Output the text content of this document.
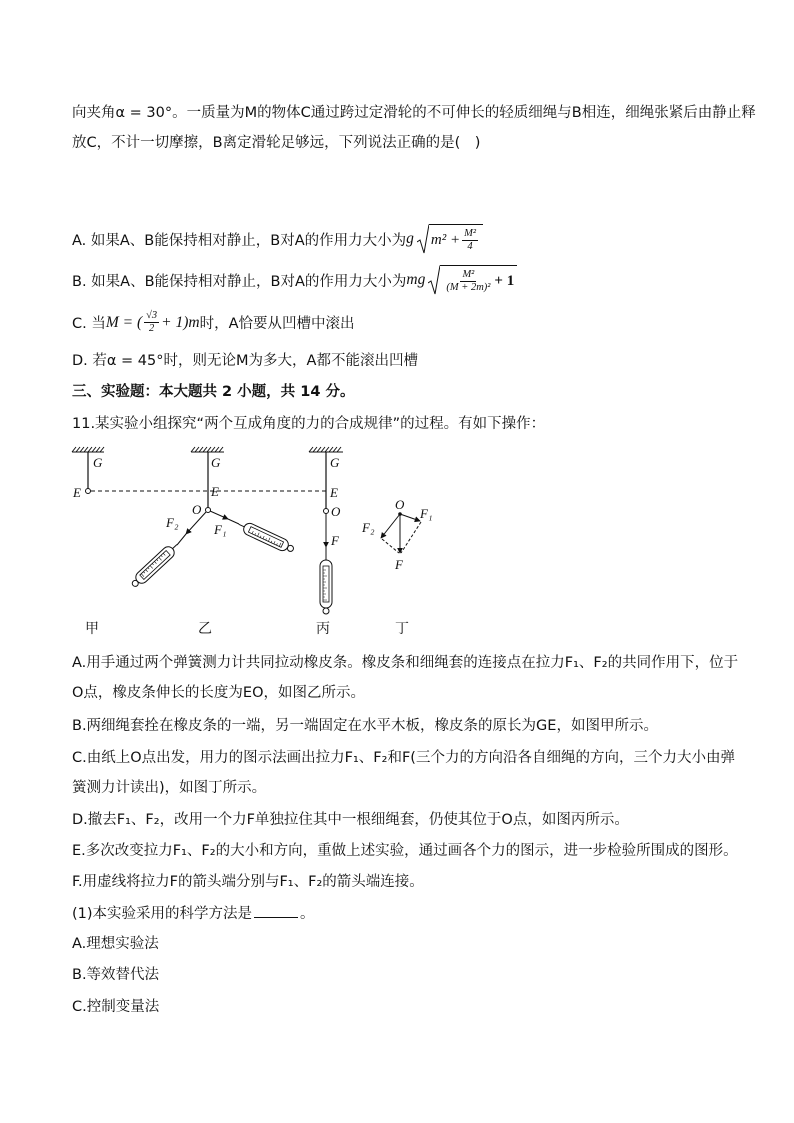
向夹角α = 30°。一质量为M的物体C通过跨过定滑轮的不可伸长的轻质细绳与B相连，细绳张紧后由静止释
放C，不计一切摩擦，B离定滑轮足够远，下列说法正确的是(　)
A. 如果A、B能保持相对静止，B对A的作用力大小为 g $m^2 + \frac{\text{M²}}{4}$
B. 如果A、B能保持相对静止，B对A的作用力大小为 mg $\frac{\text{M²}}{\text{(M + 2m)²}} + 1$
C. 当 M = ( $\frac{√3}{2} + 1)m$ 时，A恰要从凹槽中滚出
D. 若α = 45°时，则无论M为多大，A都不能滚出凹槽
三、实验题：本大题共 2 小题，共 14 分。
11.某实验小组探究“两个互成角度的力的合成规律”的过程。有如下操作：
G
E
甲
G
E
O
F₁
F₂
乙
G
E
O
F
丙
O
F₁
F₂
F
丁
A.用手通过两个弹簧测力计共同拉动橡皮条。橡皮条和细绳套的连接点在拉力F₁、F₂的共同作用下，位于
O点，橡皮条伸长的长度为EO，如图乙所示。
B.两细绳套拴在橡皮条的一端，另一端固定在水平木板，橡皮条的原长为GE，如图甲所示。
C.由纸上O点出发，用力的图示法画出拉力F₁、F₂和F(三个力的方向沿各自细绳的方向，三个力大小由弹
簧测力计读出)，如图丁所示。
D.撤去F₁、F₂，改用一个力F单独拉住其中一根细绳套，仍使其位于O点，如图丙所示。
E.多次改变拉力F₁、F₂的大小和方向，重做上述实验，通过画各个力的图示，进一步检验所围成的图形。
F.用虚线将拉力F的箭头端分别与F₁、F₂的箭头端连接。
(1)本实验采用的科学方法是	。
A.理想实验法
B.等效替代法
C.控制变量法
